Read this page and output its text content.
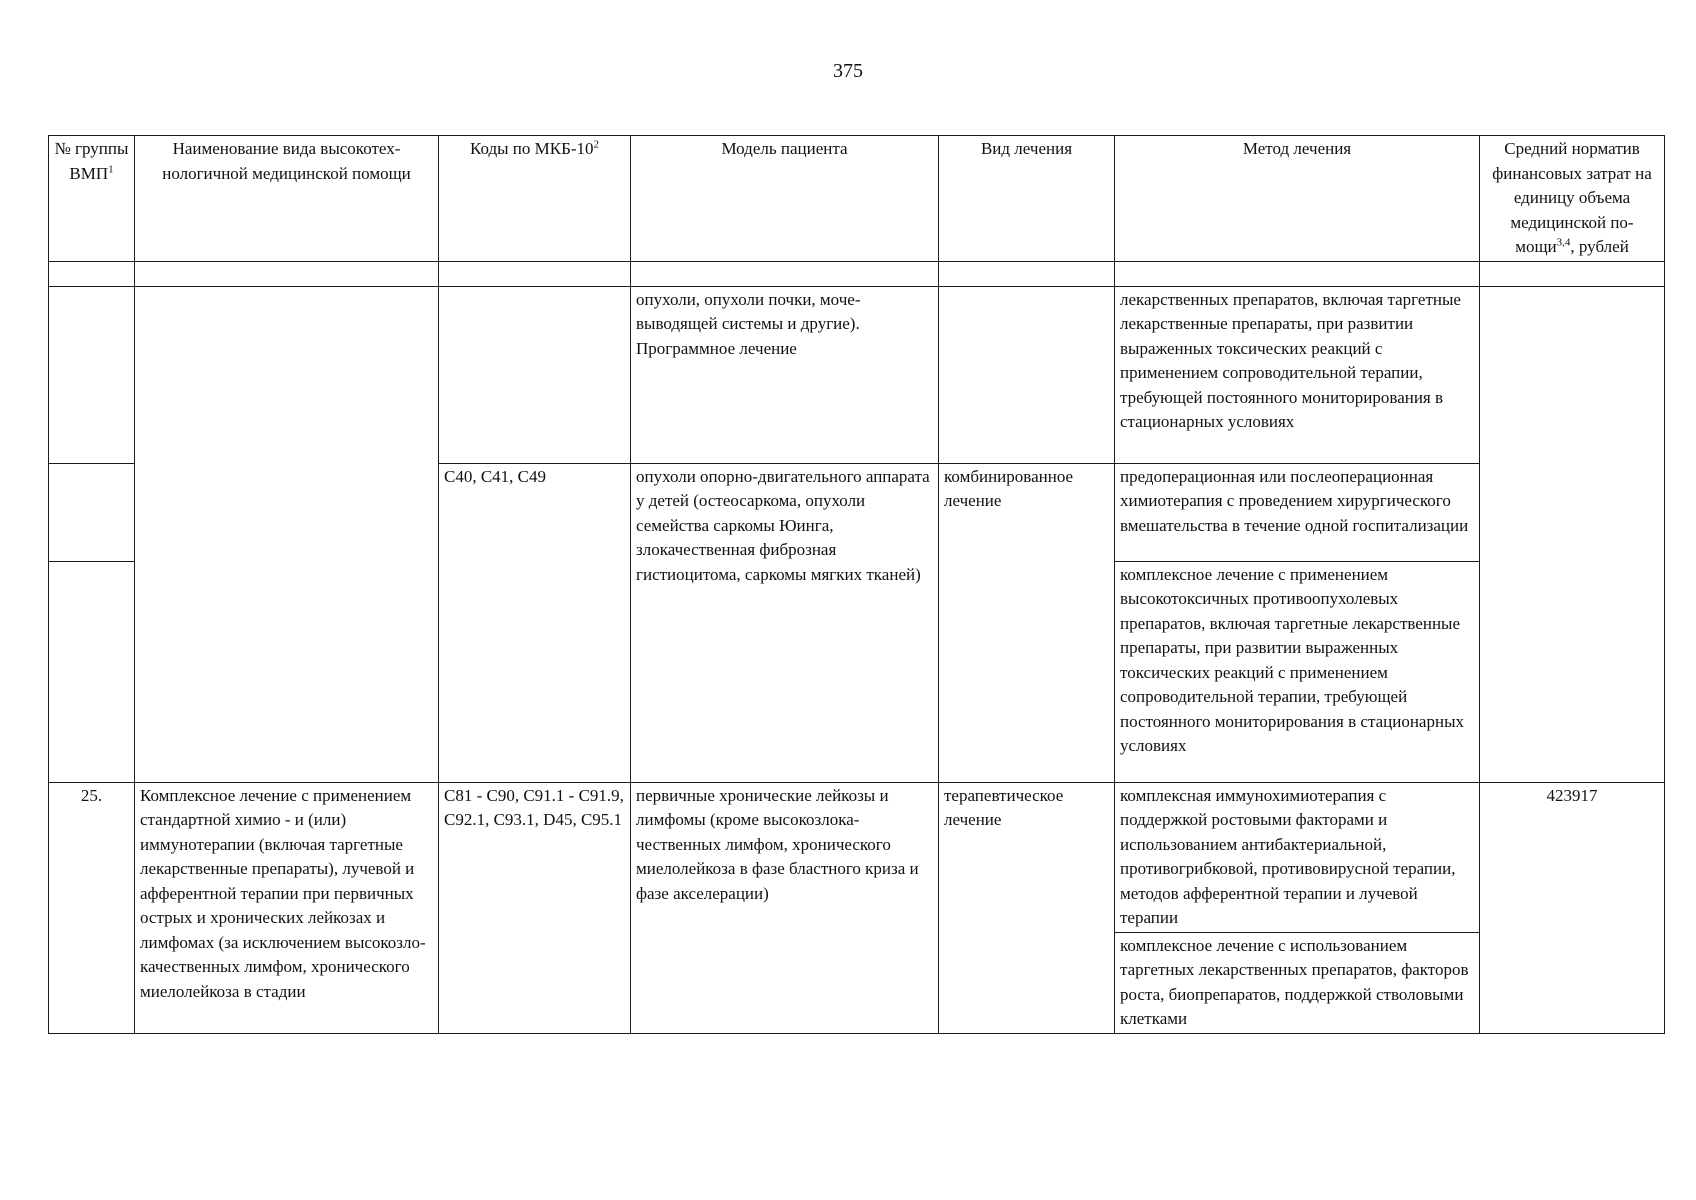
375
№ группы ВМП$^1$	Наименование вида высокотехнологичной медицинской помощи	Коды по МКБ-$10^2$	Модель пациента	Вид лечения	Метод лечения	Средний норматив финансовых затрат на единицу объема медицинской помощи$^{3,4}$, рублей

			опухоли, опухоли почки, мочевыводящей системы и другие). Программное лечение		лекарственных препаратов, включая таргетные лекарственные препараты, при развитии выраженных токсических реакций с применением сопроводительной терапии, требующей постоянного мониторирования в стационарных условиях	
		C40, C41, C49	опухоли опорно-двигательного аппарата у детей (остеосаркома, опухоли семейства саркомы Юинга, злокачественная фиброзная гистиоцитома, саркомы мягких тканей)	комбинированное лечение	предоперационная или послеоперационная химиотерапия с проведением хирургического вмешательства в течение одной госпитализации	
					комплексное лечение с применением высокотоксичных противоопухолевых препаратов, включая таргетные лекарственные препараты, при развитии выраженных токсических реакций с применением сопроводительной терапии, требующей постоянного мониторирования в стационарных условиях	
25.	Комплексное лечение с применением стандартной химио - и (или) иммунотерапии (включая таргетные лекарственные препараты), лучевой и афферентной терапии при первичных острых и хронических лейкозах и лимфомах (за исключением высокозлокачественных лимфом, хронического миелолейкоза в стадии	C81 - C90, C91.1 - C91.9, C92.1, C93.1, D45, C95.1	первичные хронические лейкозы и лимфомы (кроме высокозлокачественных лимфом, хронического миелолейкоза в фазе бластного криза и фазе акселерации)	терапевтическое лечение	комплексная иммунохимиотерапия с поддержкой ростовыми факторами и использованием антибактериальной, противогрибковой, противовирусной терапии, методов афферентной терапии и лучевой терапии	423917
					комплексное лечение с использованием таргетных лекарственных препаратов, факторов роста, биопрепаратов, поддержкой стволовыми клетками	
